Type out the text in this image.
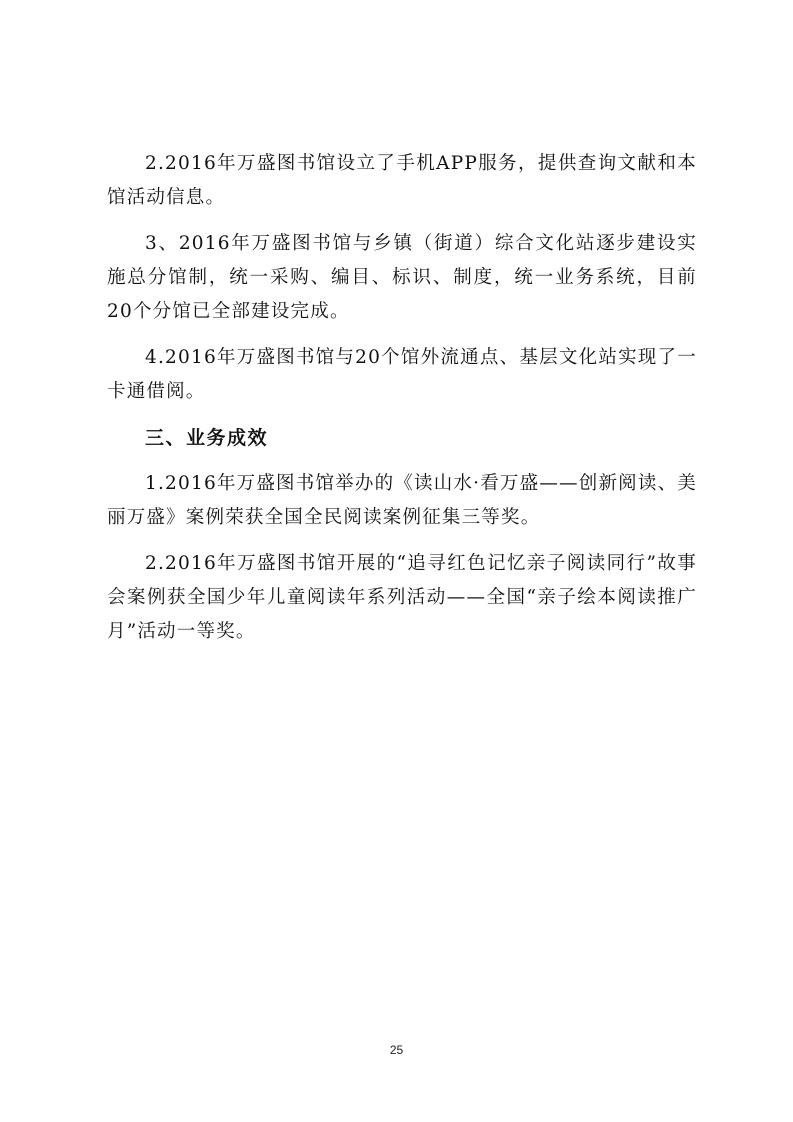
2.2016年万盛图书馆设立了手机APP服务，提供查询文献和本馆活动信息。

3、2016年万盛图书馆与乡镇（街道）综合文化站逐步建设实施总分馆制，统一采购、编目、标识、制度，统一业务系统，目前20个分馆已全部建设完成。

4.2016年万盛图书馆与20个馆外流通点、基层文化站实现了一卡通借阅。

三、业务成效

1.2016年万盛图书馆举办的《读山水·看万盛——创新阅读、美丽万盛》案例荣获全国全民阅读案例征集三等奖。

2.2016年万盛图书馆开展的“追寻红色记忆亲子阅读同行”故事会案例获全国少年儿童阅读年系列活动——全国“亲子绘本阅读推广月”活动一等奖。

25
